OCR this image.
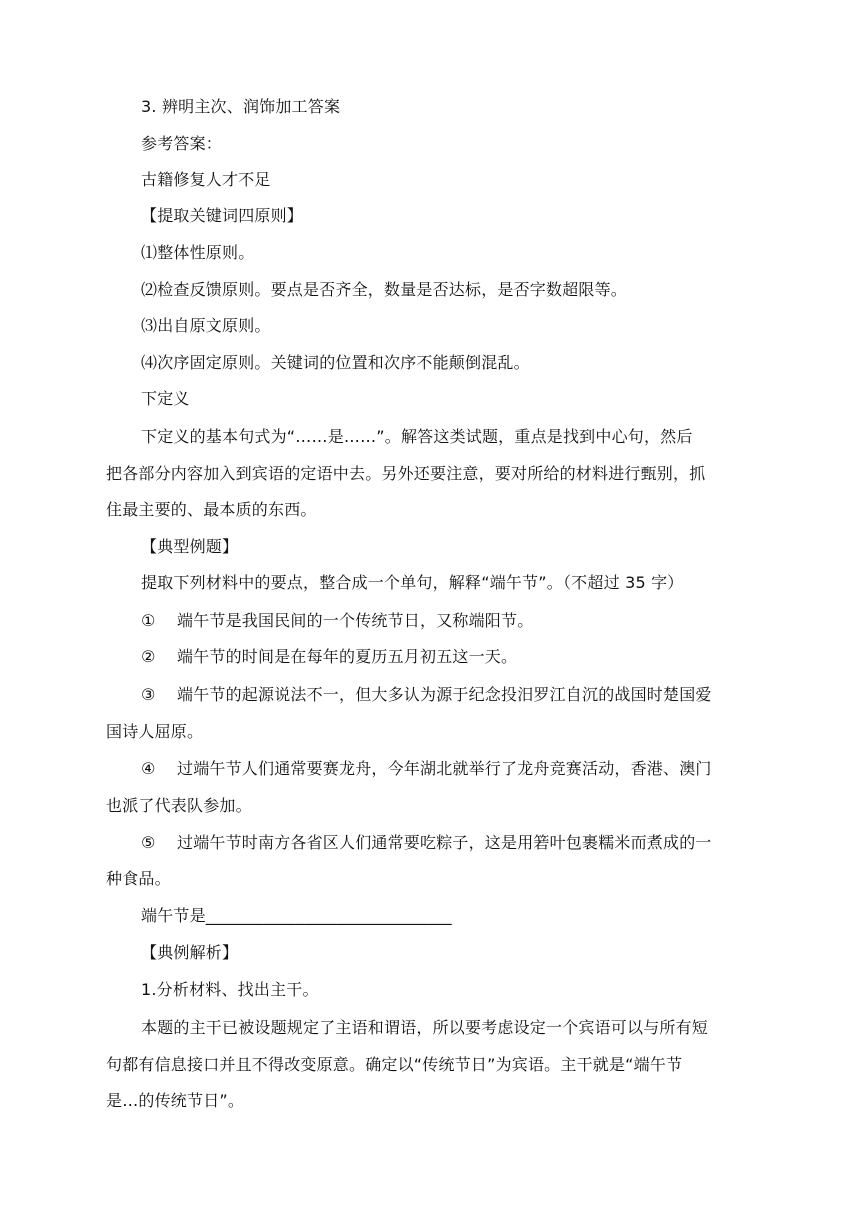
3. 辨明主次、润饰加工答案
参考答案：
古籍修复人才不足
【提取关键词四原则】
⑴整体性原则。
⑵检查反馈原则。要点是否齐全，数量是否达标，是否字数超限等。
⑶出自原文原则。
⑷次序固定原则。关键词的位置和次序不能颠倒混乱。
下定义
下定义的基本句式为“……是……”。解答这类试题，重点是找到中心句，然后
把各部分内容加入到宾语的定语中去。另外还要注意，要对所给的材料进行甄别，抓
住最主要的、最本质的东西。
【典型例题】
提取下列材料中的要点，整合成一个单句，解释“端午节”。（不超过 35 字）
① 端午节是我国民间的一个传统节日，又称端阳节。
② 端午节的时间是在每年的夏历五月初五这一天。
③ 端午节的起源说法不一，但大多认为源于纪念投汨罗江自沉的战国时楚国爱
国诗人屈原。
④ 过端午节人们通常要赛龙舟，今年湖北就举行了龙舟竞赛活动，香港、澳门
也派了代表队参加。
⑤ 过端午节时南方各省区人们通常要吃粽子，这是用箬叶包裹糯米而煮成的一
种食品。
端午节是______________________________
【典例解析】
1.分析材料、找出主干。
本题的主干已被设题规定了主语和谓语，所以要考虑设定一个宾语可以与所有短
句都有信息接口并且不得改变原意。确定以“传统节日”为宾语。主干就是“端午节
是…的传统节日”。
